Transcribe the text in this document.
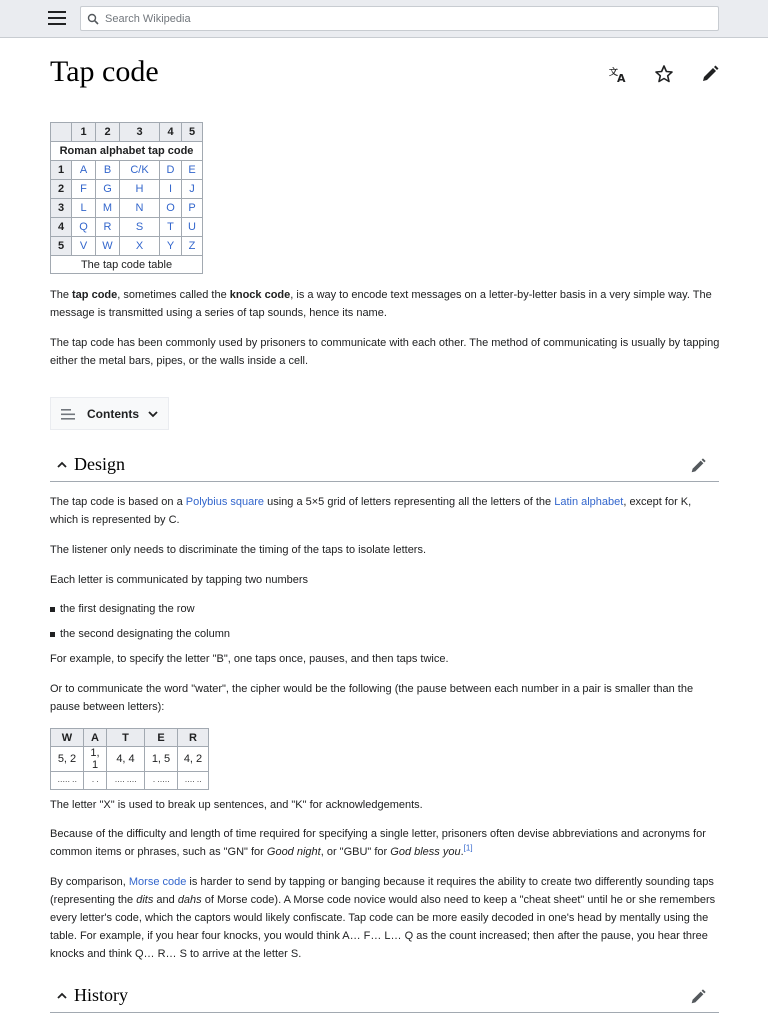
Search Wikipedia
Tap code	文
A
Roman alphabet tap code					
	1	2	3	4	5
1	A	B	C/K	D	E
2	F	G	H	I	J
3	L	M	N	O	P
4	Q	R	S	T	U
5	V	W	X	Y	Z
The tap code table					

The tap code, sometimes called the knock code, is a way to encode text messages on a letter-by-letter basis in a very simple way. The message is transmitted using a series of tap sounds, hence its name.

The tap code has been commonly used by prisoners to communicate with each other. The method of communicating is usually by tapping either the metal bars, pipes, or the walls inside a cell.

Contents
Design

The tap code is based on a Polybius square using a 5×5 grid of letters representing all the letters of the Latin alphabet, except for K, which is represented by C.

The listener only needs to discriminate the timing of the taps to isolate letters.

Each letter is communicated by tapping two numbers

the first designating the row
the second designating the column

For example, to specify the letter "B", one taps once, pauses, and then taps twice.

Or to communicate the word "water", the cipher would be the following (the pause between each number in a pair is smaller than the pause between letters):

W	A	T	E	R
5, 2	1, 1	4, 4	1, 5	4, 2
····· ··	· ·	···· ····	· ·····	···· ··

The letter "X" is used to break up sentences, and "K" for acknowledgements.

Because of the difficulty and length of time required for specifying a single letter, prisoners often devise abbreviations and acronyms for common items or phrases, such as "GN" for Good night, or "GBU" for God bless you.[1]

By comparison, Morse code is harder to send by tapping or banging because it requires the ability to create two differently sounding taps (representing the dits and dahs of Morse code). A Morse code novice would also need to keep a "cheat sheet" until he or she remembers every letter's code, which the captors would likely confiscate. Tap code can be more easily decoded in one's head by mentally using the table. For example, if you hear four knocks, you would think A… F… L… Q as the count increased; then after the pause, you hear three knocks and think Q… R… S to arrive at the letter S.

History
